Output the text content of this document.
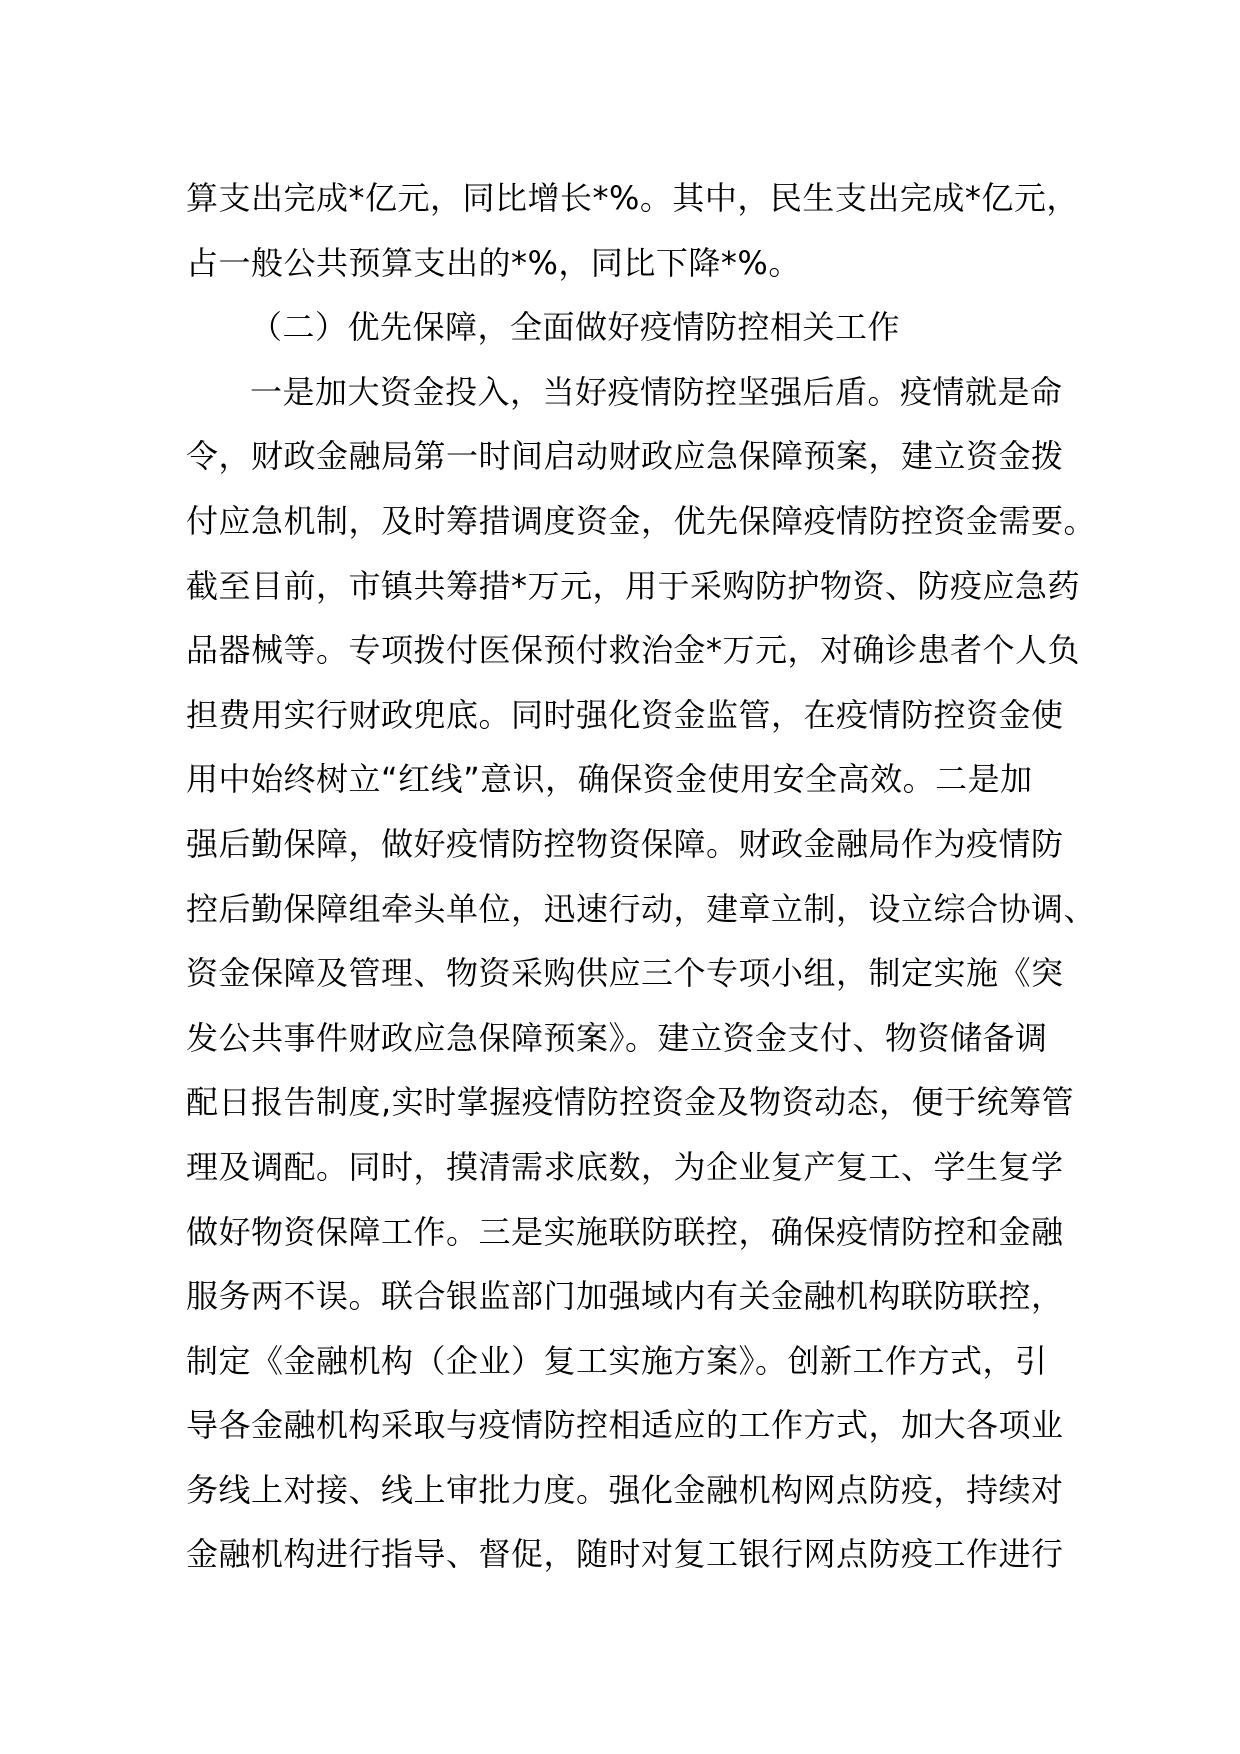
算支出完成*亿元，同比增长*%。其中，民生支出完成*亿元，
占一般公共预算支出的*%，同比下降*%。
（二）优先保障，全面做好疫情防控相关工作
一是加大资金投入，当好疫情防控坚强后盾。疫情就是命
令，财政金融局第一时间启动财政应急保障预案，建立资金拨
付应急机制，及时筹措调度资金，优先保障疫情防控资金需要。
截至目前，市镇共筹措*万元，用于采购防护物资、防疫应急药
品器械等。专项拨付医保预付救治金*万元，对确诊患者个人负
担费用实行财政兜底。同时强化资金监管，在疫情防控资金使
用中始终树立“红线”意识，确保资金使用安全高效。二是加
强后勤保障，做好疫情防控物资保障。财政金融局作为疫情防
控后勤保障组牵头单位，迅速行动，建章立制，设立综合协调、
资金保障及管理、物资采购供应三个专项小组，制定实施《突
发公共事件财政应急保障预案》。建立资金支付、物资储备调
配日报告制度,实时掌握疫情防控资金及物资动态，便于统筹管
理及调配。同时，摸清需求底数，为企业复产复工、学生复学
做好物资保障工作。三是实施联防联控，确保疫情防控和金融
服务两不误。联合银监部门加强域内有关金融机构联防联控，
制定《金融机构（企业）复工实施方案》。创新工作方式，引
导各金融机构采取与疫情防控相适应的工作方式，加大各项业
务线上对接、线上审批力度。强化金融机构网点防疫，持续对
金融机构进行指导、督促，随时对复工银行网点防疫工作进行
